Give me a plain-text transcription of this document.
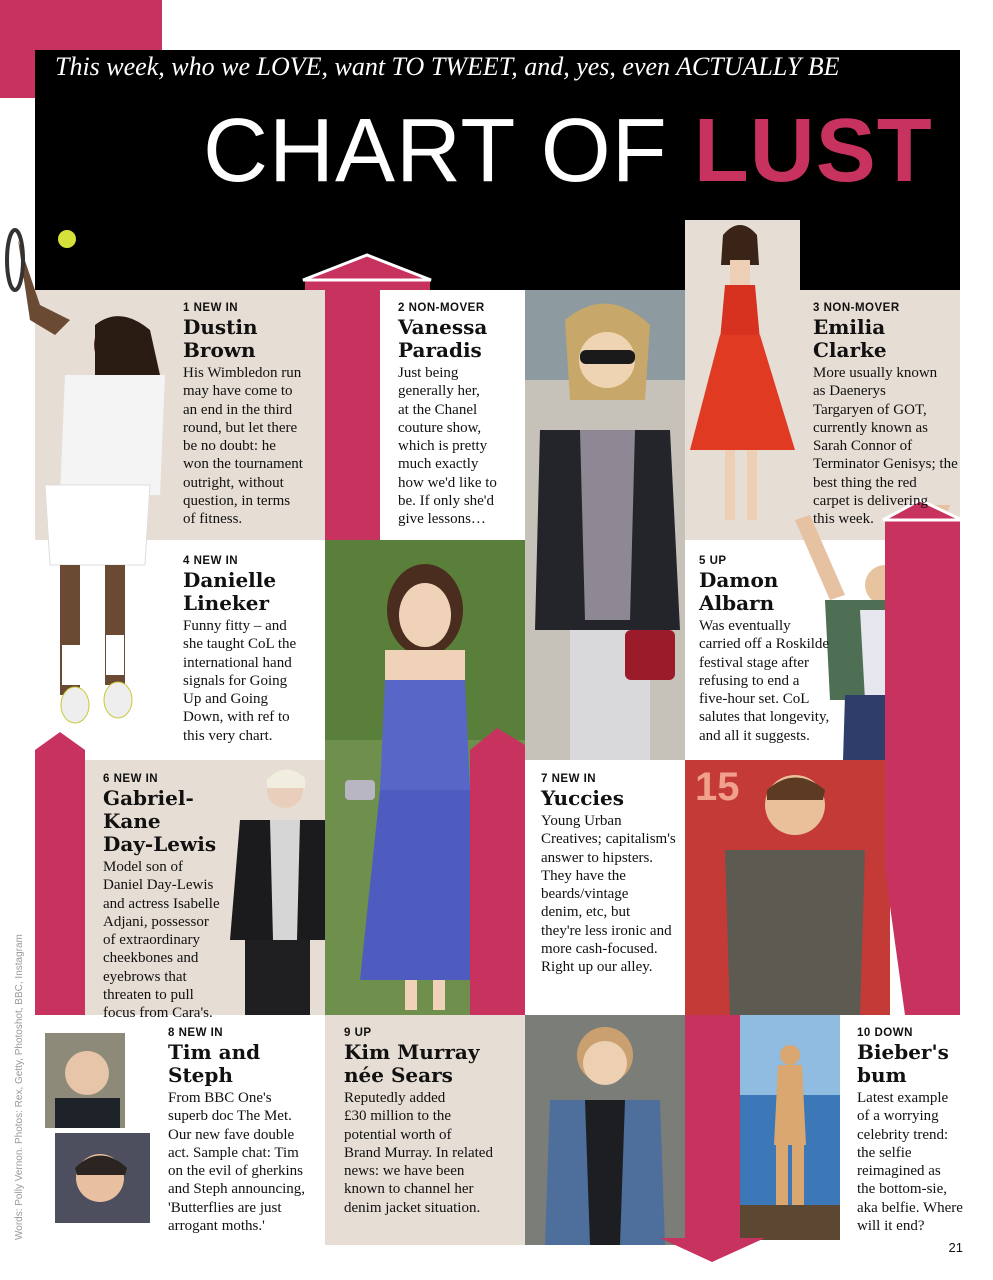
This week, who we LOVE, want TO TWEET, and, yes, even ACTUALLY BE
CHART OF LUST
15
1 NEW IN
Dustin
Brown
His Wimbledon run
may have come to
an end in the third
round, but let there
be no doubt: he
won the tournament
outright, without
question, in terms
of fitness.
2 NON-MOVER
Vanessa
Paradis
Just being
generally her,
at the Chanel
couture show,
which is pretty
much exactly
how we'd like to
be. If only she'd
give lessons…
3 NON-MOVER
Emilia Clarke
More usually known
as Daenerys
Targaryen of GOT,
currently known as
Sarah Connor of
Terminator Genisys; the
best thing the red
carpet is delivering
this week.
4 NEW IN
Danielle
Lineker
Funny fitty – and
she taught CoL the
international hand
signals for Going
Up and Going
Down, with ref to
this very chart.
5 UP
Damon
Albarn
Was eventually
carried off a Roskilde
festival stage after
refusing to end a
five-hour set. CoL
salutes that longevity,
and all it suggests.
6 NEW IN
Gabriel-Kane
Day-Lewis
Model son of
Daniel Day-Lewis
and actress Isabelle
Adjani, possessor
of extraordinary
cheekbones and
eyebrows that
threaten to pull
focus from Cara's.
7 NEW IN
Yuccies
Young Urban
Creatives; capitalism's
answer to hipsters.
They have the
beards/vintage
denim, etc, but
they're less ironic and
more cash-focused.
Right up our alley.
8 NEW IN
Tim and
Steph
From BBC One's
superb doc The Met.
Our new fave double
act. Sample chat: Tim
on the evil of gherkins
and Steph announcing,
'Butterflies are just
arrogant moths.'
9 UP
Kim Murray
née Sears
Reputedly added
£30 million to the
potential worth of
Brand Murray. In related
news: we have been
known to channel her
denim jacket situation.
10 DOWN
Bieber's
bum
Latest example
of a worrying
celebrity trend:
the selfie
reimagined as
the bottom-sie,
aka belfie. Where
will it end?
Words: Polly Vernon. Photos: Rex, Getty, Photoshot, BBC, Instagram
21
